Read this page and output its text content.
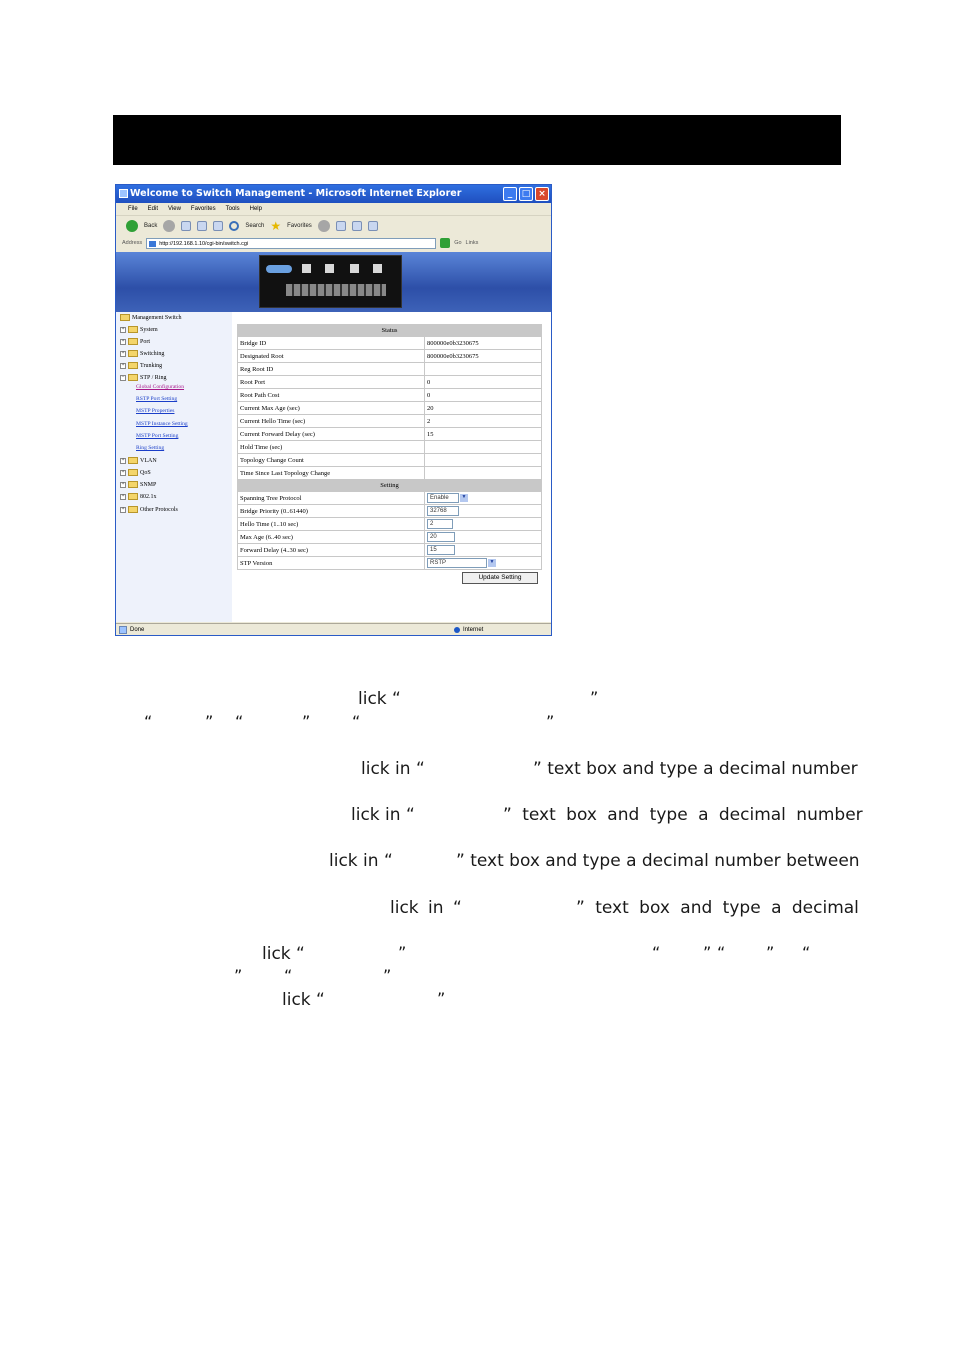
Welcome to Switch Management - Microsoft Internet Explorer	_	□ ×
File Edit View Favorites Tools Help
Back	Search ★ Favorites
Address	http://192.168.1.10/cgi-bin/switch.cgi	Go Links
Management Switch
+	System
+	Port
+	Switching
+	Trunking
−	STP / Ring
Global Configuration
RSTP Port Setting
MSTP Properties
MSTP Instance Setting
MSTP Port Setting
Ring Setting
+	VLAN
+	QoS
+	SNMP
+	802.1x
+	Other Protocols
Status	
Bridge ID	800000e0b3230675
Designated Root	800000e0b3230675
Reg Root ID	
Root Port	0
Root Path Cost	0
Current Max Age (sec)	20
Current Hello Time (sec)	2
Current Forward Delay (sec)	15
Hold Time (sec)	
Topology Change Count	
Time Since Last Topology Change	
Setting	
Spanning Tree Protocol	Enable ▼
Bridge Priority (0..61440)	32768
Hello Time (1..10 sec)	2
Max Age (6..40 sec)	20
Forward Delay (4..30 sec)	15
STP Version	RSTP ▼
Update Setting
Done	Internet
lick “	”
“	” “	”	“	”
lick in “	” text box and type a decimal number
lick in “	” text box and type a decimal number
lick in “	” text box and type a decimal number between
lick in “	” text box and type a decimal
lick “	”	“	” “	” “
”	“	”
lick “	”
